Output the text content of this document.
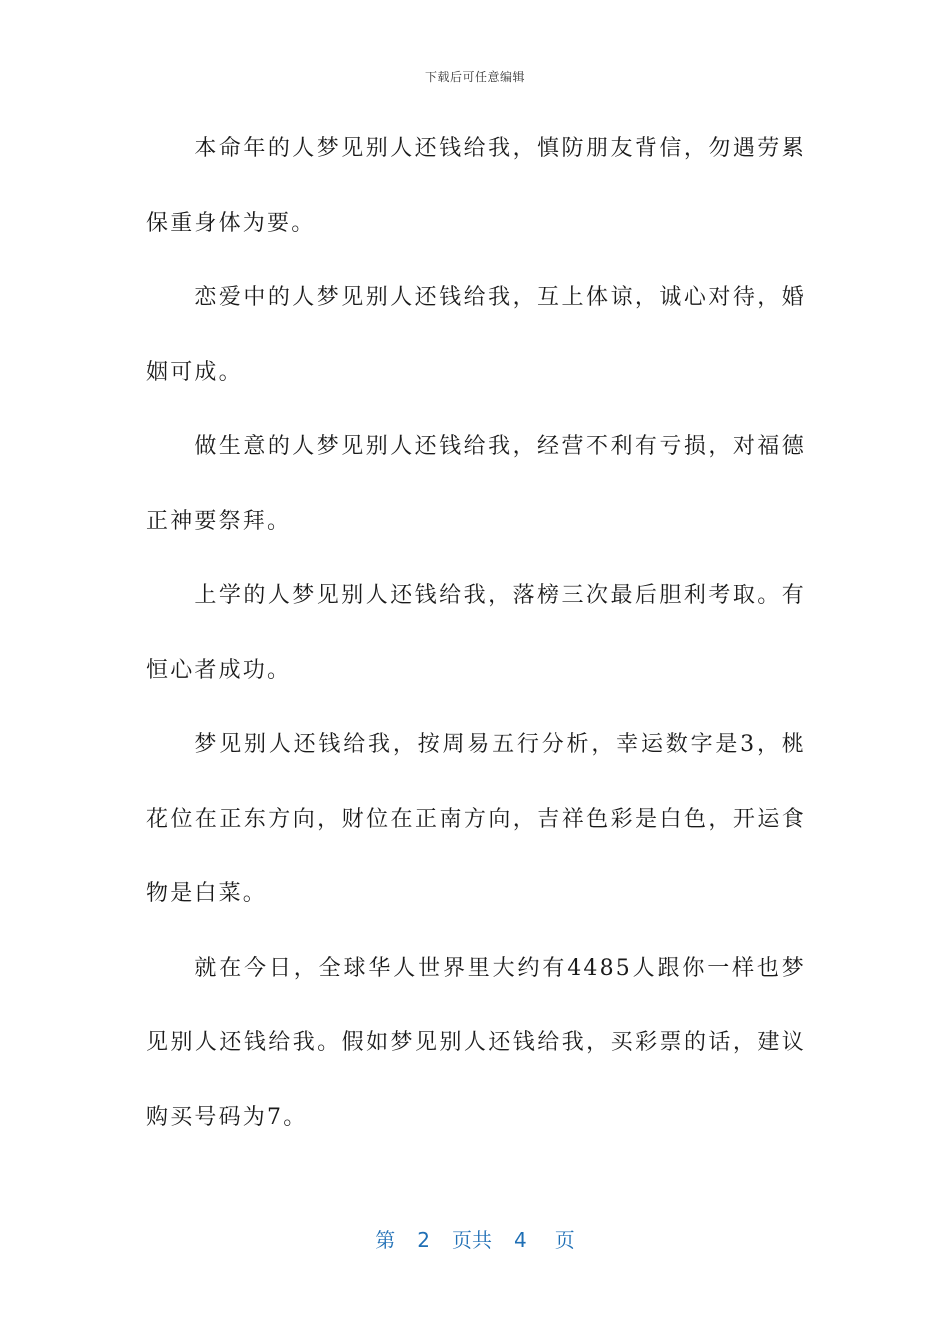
下载后可任意编辑

本命年的人梦见别人还钱给我，慎防朋友背信，勿遇劳累保重身体为要。

恋爱中的人梦见别人还钱给我，互上体谅，诚心对待，婚姻可成。

做生意的人梦见别人还钱给我，经营不利有亏损，对福德正神要祭拜。

上学的人梦见别人还钱给我，落榜三次最后胆利考取。有恒心者成功。

梦见别人还钱给我，按周易五行分析，幸运数字是3，桃花位在正东方向，财位在正南方向，吉祥色彩是白色，开运食物是白菜。

就在今日，全球华人世界里大约有4485人跟你一样也梦见别人还钱给我。假如梦见别人还钱给我，买彩票的话，建议购买号码为7。

第 2 页共 4 页
